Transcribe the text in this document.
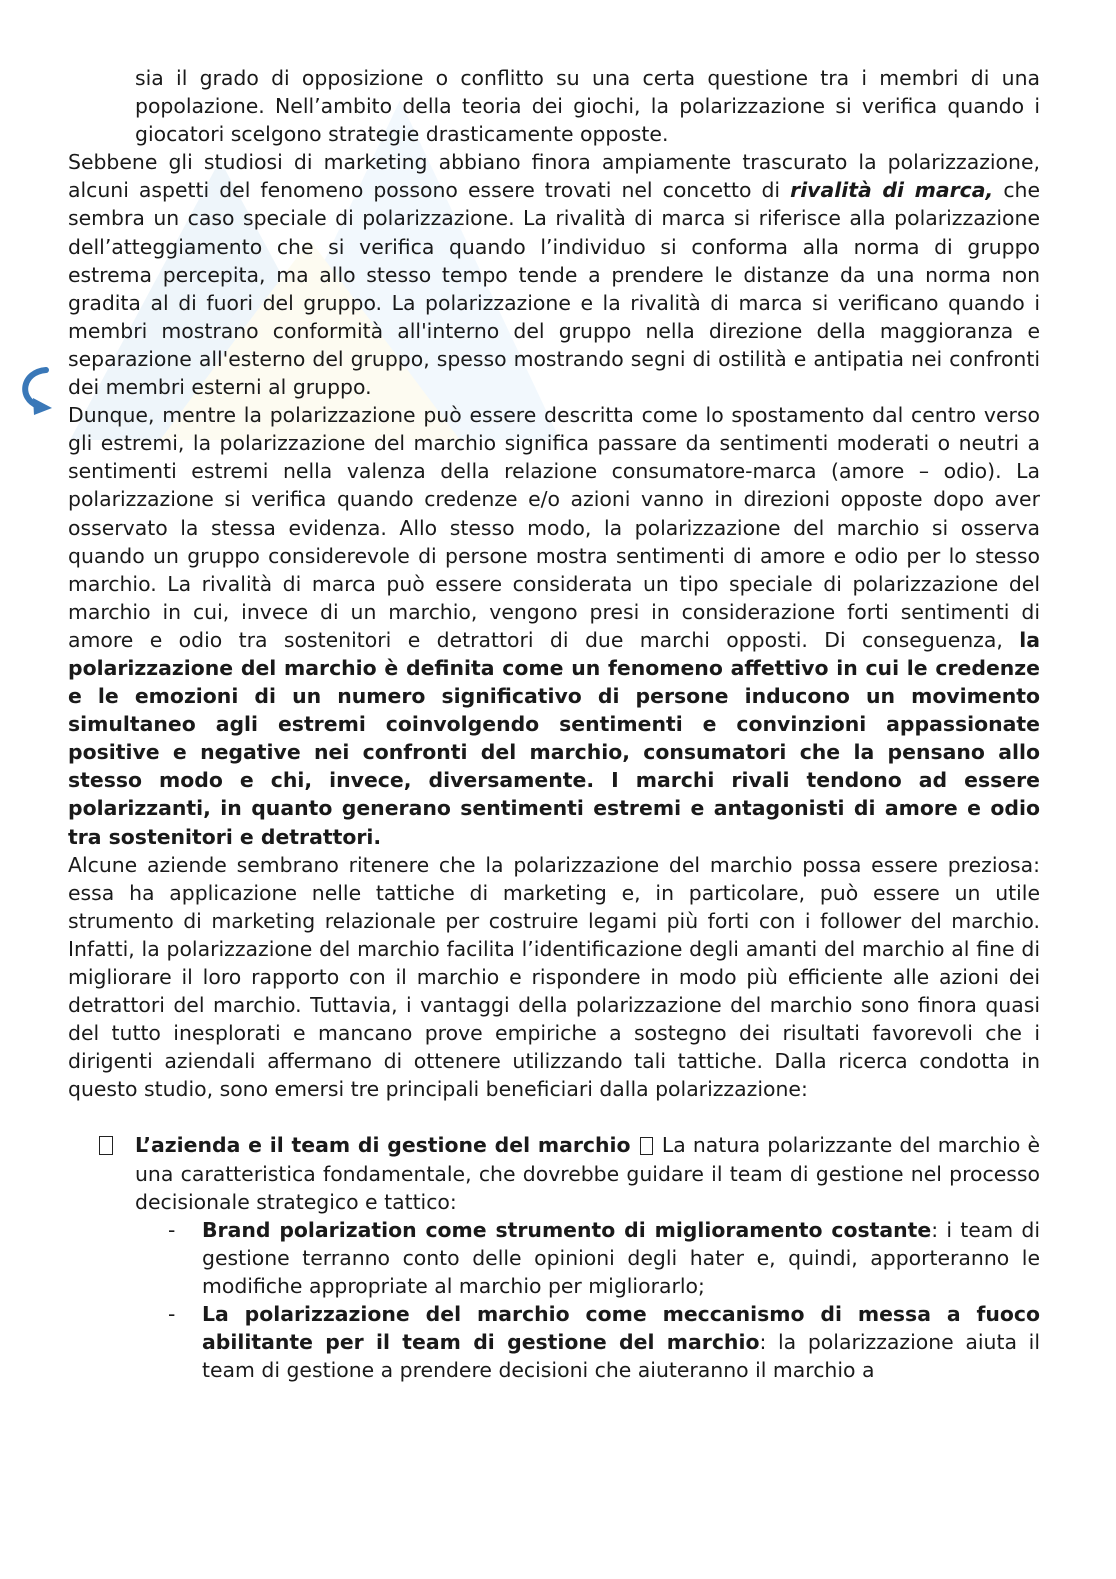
sia il grado di opposizione o conflitto su una certa questione tra i membri di una popolazione. Nell’ambito della teoria dei giochi, la polarizzazione si verifica quando i giocatori scelgono strategie drasticamente opposte.

Sebbene gli studiosi di marketing abbiano finora ampiamente trascurato la polarizzazione, alcuni aspetti del fenomeno possono essere trovati nel concetto di rivalità di marca, che sembra un caso speciale di polarizzazione. La rivalità di marca si riferisce alla polarizzazione dell’atteggiamento che si verifica quando l’individuo si conforma alla norma di gruppo estrema percepita, ma allo stesso tempo tende a prendere le distanze da una norma non gradita al di fuori del gruppo. La polarizzazione e la rivalità di marca si verificano quando i membri mostrano conformità all'interno del gruppo nella direzione della maggioranza e separazione all'esterno del gruppo, spesso mostrando segni di ostilità e antipatia nei confronti dei membri esterni al gruppo.

Dunque, mentre la polarizzazione può essere descritta come lo spostamento dal centro verso gli estremi, la polarizzazione del marchio significa passare da sentimenti moderati o neutri a sentimenti estremi nella valenza della relazione consumatore-marca (amore – odio). La polarizzazione si verifica quando credenze e/o azioni vanno in direzioni opposte dopo aver osservato la stessa evidenza. Allo stesso modo, la polarizzazione del marchio si osserva quando un gruppo considerevole di persone mostra sentimenti di amore e odio per lo stesso marchio. La rivalità di marca può essere considerata un tipo speciale di polarizzazione del marchio in cui, invece di un marchio, vengono presi in considerazione forti sentimenti di amore e odio tra sostenitori e detrattori di due marchi opposti. Di conseguenza, la polarizzazione del marchio è definita come un fenomeno affettivo in cui le credenze e le emozioni di un numero significativo di persone inducono un movimento simultaneo agli estremi coinvolgendo sentimenti e convinzioni appassionate positive e negative nei confronti del marchio, consumatori che la pensano allo stesso modo e chi, invece, diversamente. I marchi rivali tendono ad essere polarizzanti, in quanto generano sentimenti estremi e antagonisti di amore e odio tra sostenitori e detrattori.

Alcune aziende sembrano ritenere che la polarizzazione del marchio possa essere preziosa: essa ha applicazione nelle tattiche di marketing e, in particolare, può essere un utile strumento di marketing relazionale per costruire legami più forti con i follower del marchio. Infatti, la polarizzazione del marchio facilita l’identificazione degli amanti del marchio al fine di migliorare il loro rapporto con il marchio e rispondere in modo più efficiente alle azioni dei detrattori del marchio. Tuttavia, i vantaggi della polarizzazione del marchio sono finora quasi del tutto inesplorati e mancano prove empiriche a sostegno dei risultati favorevoli che i dirigenti aziendali affermano di ottenere utilizzando tali tattiche. Dalla ricerca condotta in questo studio, sono emersi tre principali beneficiari dalla polarizzazione:

L’azienda e il team di gestione del marchio  La natura polarizzante del marchio è una caratteristica fondamentale, che dovrebbe guidare il team di gestione nel processo decisionale strategico e tattico:
-	Brand polarization come strumento di miglioramento costante: i team di gestione terranno conto delle opinioni degli hater e, quindi, apporteranno le modifiche appropriate al marchio per migliorarlo;
-	La polarizzazione del marchio come meccanismo di messa a fuoco abilitante per il team di gestione del marchio: la polarizzazione aiuta il team di gestione a prendere decisioni che aiuteranno il marchio a
